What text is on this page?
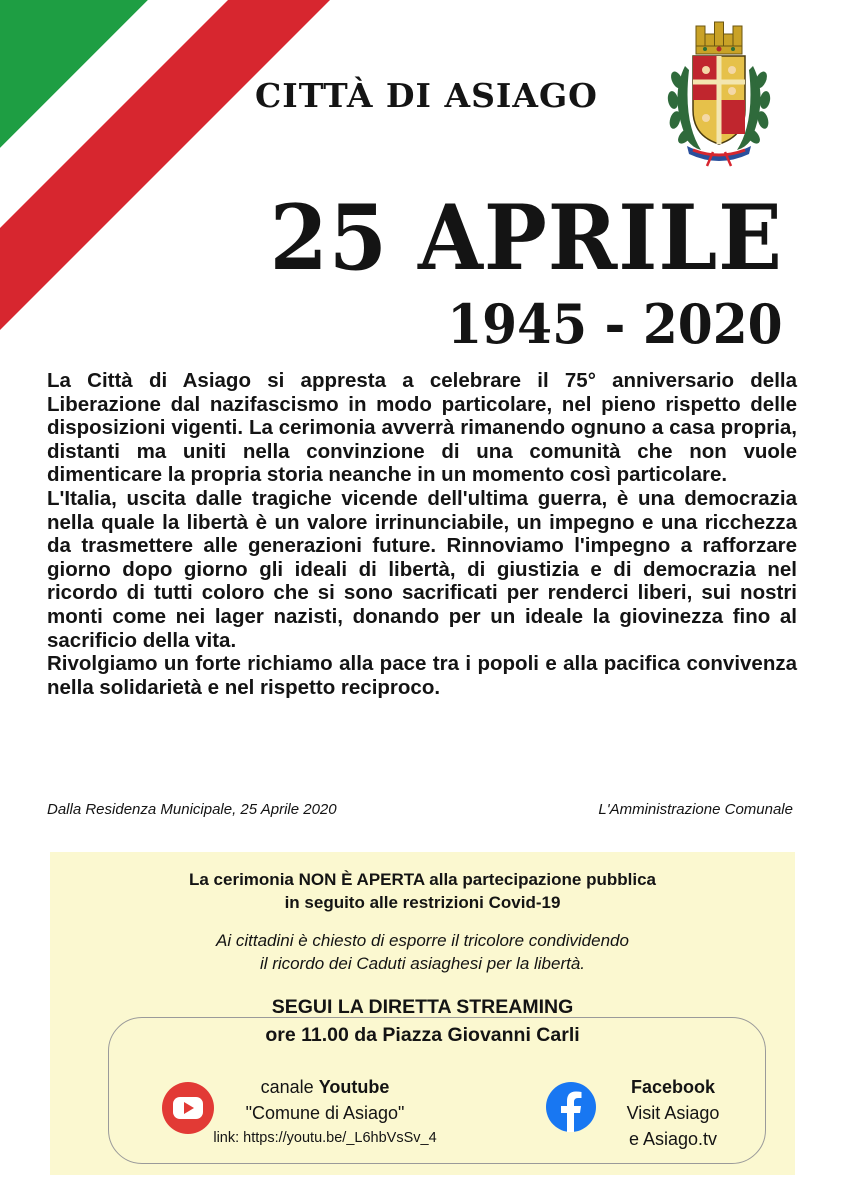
CITTÀ DI ASIAGO
25 APRILE
1945 - 2020

La Città di Asiago si appresta a celebrare il 75° anniversario della Liberazione dal nazifascismo in modo particolare, nel pieno rispetto delle disposizioni vigenti. La cerimonia avverrà rimanendo ognuno a casa propria, distanti ma uniti nella convinzione di una comunità che non vuole dimenticare la propria storia neanche in un momento così particolare.

L'Italia, uscita dalle tragiche vicende dell'ultima guerra, è una democrazia nella quale la libertà è un valore irrinunciabile, un impegno e una ricchezza da trasmettere alle generazioni future. Rinnoviamo l'impegno a rafforzare giorno dopo giorno gli ideali di libertà, di giustizia e di democrazia nel ricordo di tutti coloro che si sono sacrificati per renderci liberi, sui nostri monti come nei lager nazisti, donando per un ideale la giovinezza fino al sacrificio della vita.

Rivolgiamo un forte richiamo alla pace tra i popoli e alla pacifica convivenza nella solidarietà e nel rispetto reciproco.

Dalla Residenza Municipale, 25 Aprile 2020	L'Amministrazione Comunale
La cerimonia NON È APERTA alla partecipazione pubblica
in seguito alle restrizioni Covid-19
Ai cittadini è chiesto di esporre il tricolore condividendo
il ricordo dei Caduti asiaghesi per la libertà.
SEGUI LA DIRETTA STREAMING
ore 11.00 da Piazza Giovanni Carli
canale Youtube
"Comune di Asiago"
link: https://youtu.be/_L6hbVsSv_4
Facebook
Visit Asiago
e Asiago.tv
